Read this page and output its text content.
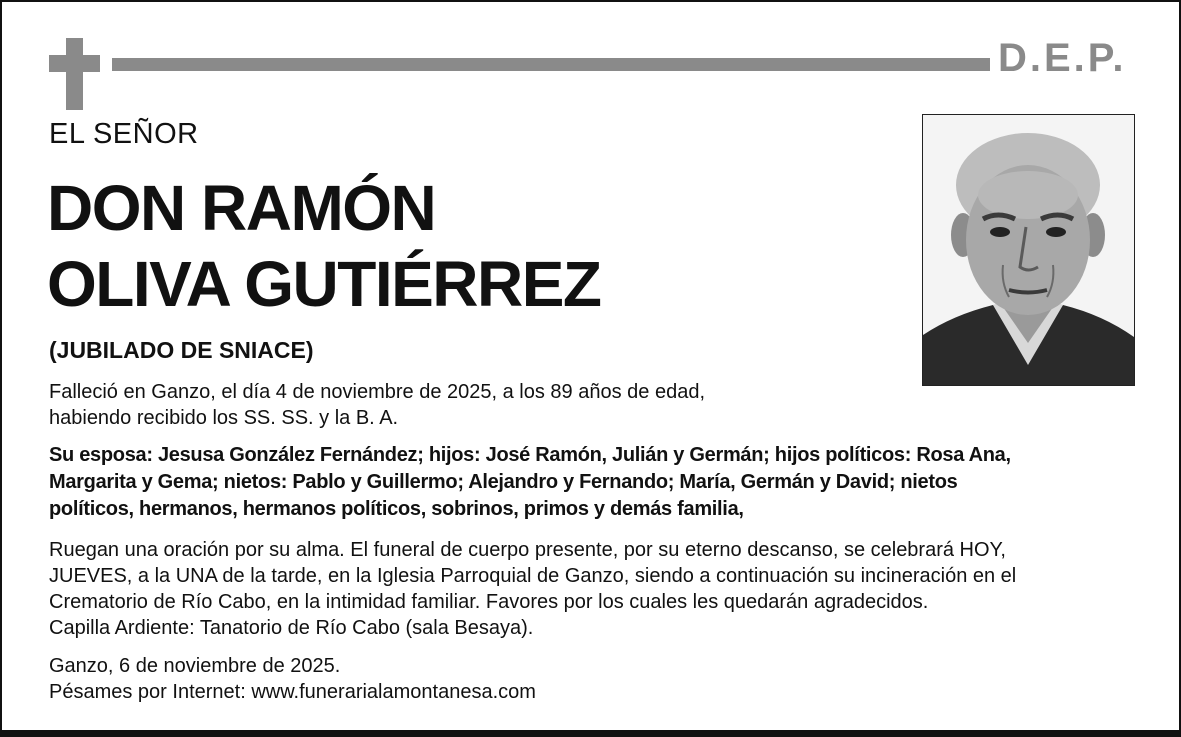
D.E.P.
EL SEÑOR
DON RAMÓN
OLIVA GUTIÉRREZ
(JUBILADO DE SNIACE)
Falleció en Ganzo, el día 4 de noviembre de 2025, a los 89 años de edad,
habiendo recibido los SS. SS. y la B. A.
Su esposa: Jesusa González Fernández; hijos: José Ramón, Julián y Germán; hijos políticos: Rosa Ana,
Margarita y Gema; nietos: Pablo y Guillermo; Alejandro y Fernando; María, Germán y David; nietos
políticos, hermanos, hermanos políticos, sobrinos, primos y demás familia,
Ruegan una oración por su alma. El funeral de cuerpo presente, por su eterno descanso, se celebrará HOY,
JUEVES, a la UNA de la tarde, en la Iglesia Parroquial de Ganzo, siendo a continuación su incineración en el
Crematorio de Río Cabo, en la intimidad familiar. Favores por los cuales les quedarán agradecidos.
Capilla Ardiente: Tanatorio de Río Cabo (sala Besaya).
Ganzo, 6 de noviembre de 2025.
Pésames por Internet: www.funerarialamontanesa.com
